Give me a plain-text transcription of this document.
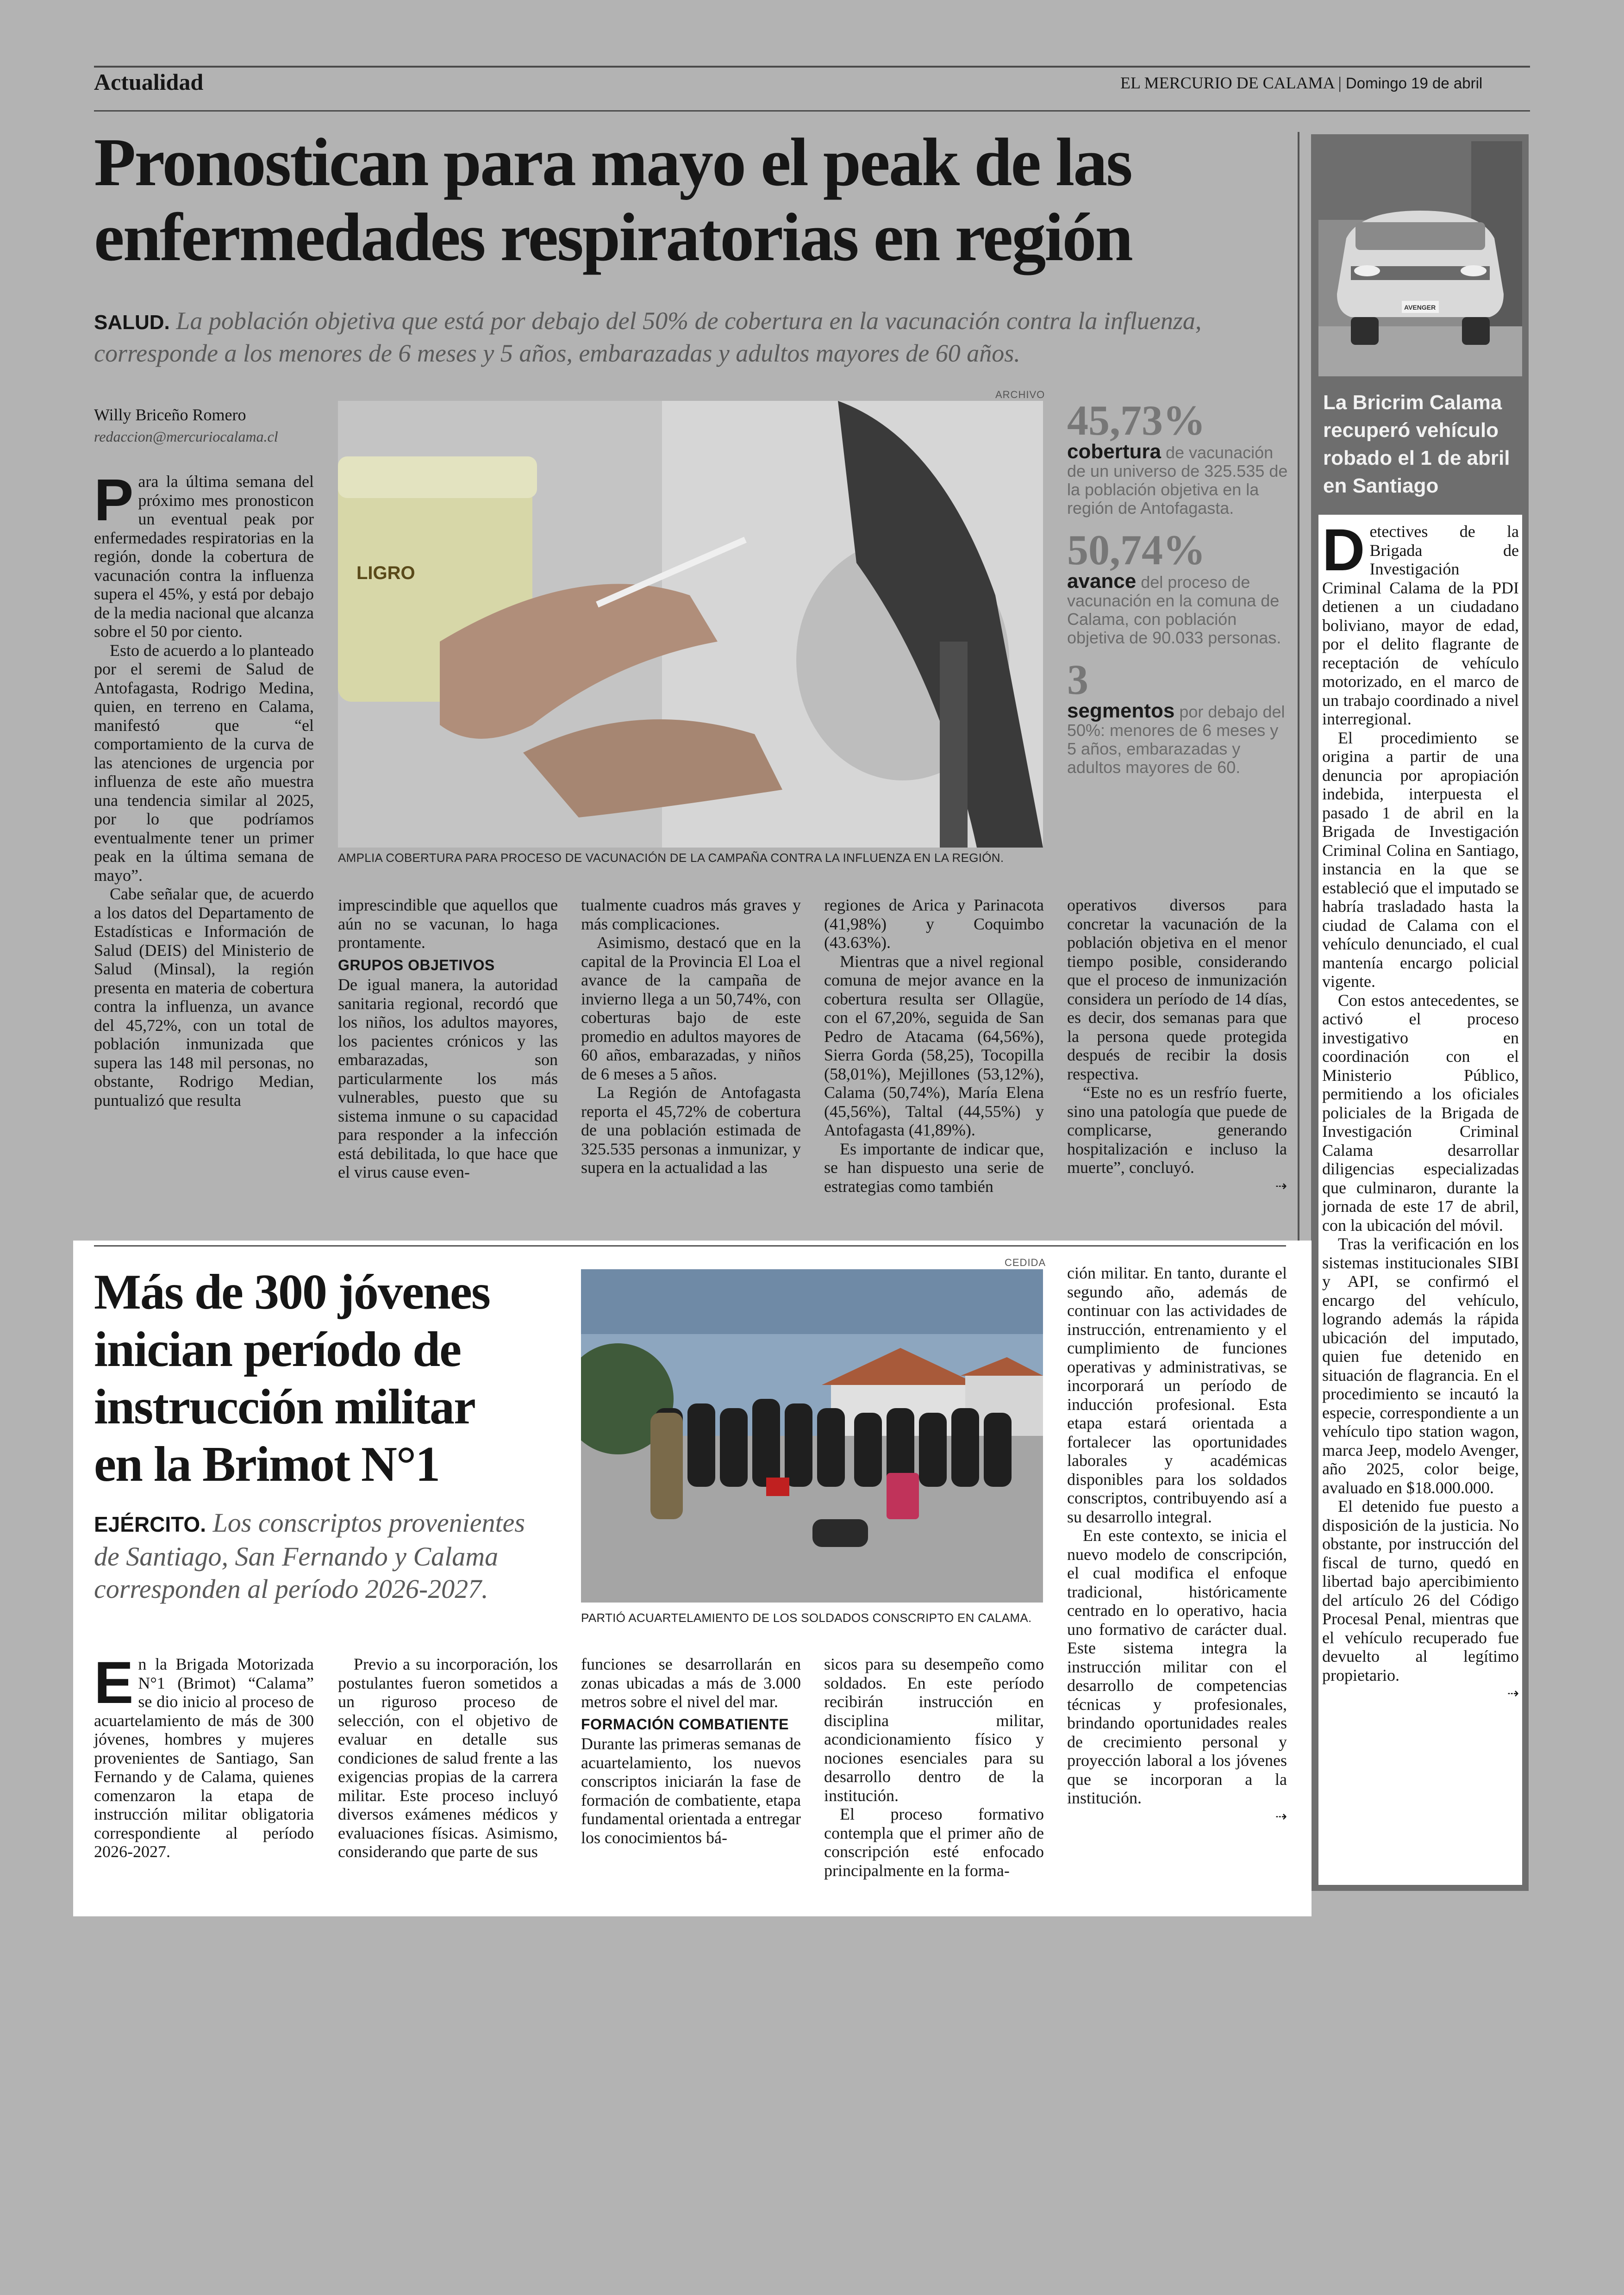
Actualidad	EL MERCURIO DE CALAMA | Domingo 19 de abril
Pronostican para mayo el peak de las
enfermedades respiratorias en región
SALUD. La población objetiva que está por debajo del 50% de cobertura en la vacunación contra la influenza, corresponde a los menores de 6 meses y 5 años, embarazadas y adultos mayores de 60 años.
Willy Briceño Romero
redaccion@mercuriocalama.cl
ARCHIVO
LIGRO
AMPLIA COBERTURA PARA PROCESO DE VACUNACIÓN DE LA CAMPAÑA CONTRA LA INFLUENZA EN LA REGIÓN.
45,73%
cobertura de vacunación de un universo de 325.535 de la población objetiva en la región de Antofagasta.
50,74%
avance del proceso de vacunación en la comuna de Calama, con población objetiva de 90.033 personas.
3
segmentos por debajo del 50%: menores de 6 meses y 5 años, embarazadas y adultos mayores de 60.
P ara la última semana del próximo mes pronosticon un eventual peak por enfermedades respiratorias en la región, donde la cobertura de vacunación contra la influenza supera el 45%, y está por debajo de la media nacional que alcanza sobre el 50 por ciento.

Esto de acuerdo a lo planteado por el seremi de Salud de Antofagasta, Rodrigo Medina, quien, en terreno en Calama, manifestó que “el comportamiento de la curva de las atenciones de urgencia por influenza de este año muestra una tendencia similar al 2025, por lo que podríamos eventualmente tener un primer peak en la última semana de mayo”.

Cabe señalar que, de acuerdo a los datos del Departamento de Estadísticas e Información de Salud (DEIS) del Ministerio de Salud (Minsal), la región presenta en materia de cobertura contra la influenza, un avance del 45,72%, con un total de población inmunizada que supera las 148 mil personas, no obstante, Rodrigo Median, puntualizó que resulta

imprescindible que aquellos que aún no se vacunan, lo haga prontamente.

GRUPOS OBJETIVOS

De igual manera, la autoridad sanitaria regional, recordó que los niños, los adultos mayores, los pacientes crónicos y las embarazadas, son particularmente los más vulnerables, puesto que su sistema inmune o su capacidad para responder a la infección está debilitada, lo que hace que el virus cause even-

tualmente cuadros más graves y más complicaciones.

Asimismo, destacó que en la capital de la Provincia El Loa el avance de la campaña de invierno llega a un 50,74%, con coberturas bajo de este promedio en adultos mayores de 60 años, embarazadas, y niños de 6 meses a 5 años.

La Región de Antofagasta reporta el 45,72% de cobertura de una población estimada de 325.535 personas a inmunizar, y supera en la actualidad a las

regiones de Arica y Parinacota (41,98%) y Coquimbo (43.63%).

Mientras que a nivel regional comuna de mejor avance en la cobertura resulta ser Ollagüe, con el 67,20%, seguida de San Pedro de Atacama (64,56%), Sierra Gorda (58,25), Tocopilla (58,01%), Mejillones (53,12%), Calama (50,74%), María Elena (45,56%), Taltal (44,55%) y Antofagasta (41,89%).

Es importante de indicar que, se han dispuesto una serie de estrategias como también

operativos diversos para concretar la vacunación de la población objetiva en el menor tiempo posible, considerando que el proceso de inmunización considera un período de 14 días, es decir, dos semanas para que la persona quede protegida después de recibir la dosis respectiva.

“Este no es un resfrío fuerte, sino una patología que puede de complicarse, generando hospitalización e incluso la muerte”, concluyó.

⇢
AVENGER
La Bricrim Calama recuperó vehículo robado el 1 de abril en Santiago
D etectives de la Brigada de Investigación Criminal Calama de la PDI detienen a un ciudadano boliviano, mayor de edad, por el delito flagrante de receptación de vehículo motorizado, en el marco de un trabajo coordinado a nivel interregional.

El procedimiento se origina a partir de una denuncia por apropiación indebida, interpuesta el pasado 1 de abril en la Brigada de Investigación Criminal Colina en Santiago, instancia en la que se estableció que el imputado se habría trasladado hasta la ciudad de Calama con el vehículo denunciado, el cual mantenía encargo policial vigente.

Con estos antecedentes, se activó el proceso investigativo en coordinación con el Ministerio Público, permitiendo a los oficiales policiales de la Brigada de Investigación Criminal Calama desarrollar diligencias especializadas que culminaron, durante la jornada de este 17 de abril, con la ubicación del móvil.

Tras la verificación en los sistemas institucionales SIBI y API, se confirmó el encargo del vehículo, logrando además la rápida ubicación del imputado, quien fue detenido en situación de flagrancia. En el procedimiento se incautó la especie, correspondiente a un vehículo tipo station wagon, marca Jeep, modelo Avenger, año 2025, color beige, avaluado en $18.000.000.

El detenido fue puesto a disposición de la justicia. No obstante, por instrucción del fiscal de turno, quedó en libertad bajo apercibimiento del artículo 26 del Código Procesal Penal, mientras que el vehículo recuperado fue devuelto al legítimo propietario.

⇢
Más de 300 jóvenes
inician período de
instrucción militar
en la Brimot N°1
EJÉRCITO. Los conscriptos provenientes de Santiago, San Fernando y Calama corresponden al período 2026-2027.
CEDIDA
PARTIÓ ACUARTELAMIENTO DE LOS SOLDADOS CONSCRIPTO EN CALAMA.
E n la Brigada Motorizada N°1 (Brimot) “Calama” se dio inicio al proceso de acuartelamiento de más de 300 jóvenes, hombres y mujeres provenientes de Santiago, San Fernando y de Calama, quienes comenzaron la etapa de instrucción militar obligatoria correspondiente al período 2026-2027.

Previo a su incorporación, los postulantes fueron sometidos a un riguroso proceso de selección, con el objetivo de evaluar en detalle sus condiciones de salud frente a las exigencias propias de la carrera militar. Este proceso incluyó diversos exámenes médicos y evaluaciones físicas. Asimismo, considerando que parte de sus

funciones se desarrollarán en zonas ubicadas a más de 3.000 metros sobre el nivel del mar.

FORMACIÓN COMBATIENTE

Durante las primeras semanas de acuartelamiento, los nuevos conscriptos iniciarán la fase de formación de combatiente, etapa fundamental orientada a entregar los conocimientos bá-

sicos para su desempeño como soldados. En este período recibirán instrucción en disciplina militar, acondicionamiento físico y nociones esenciales para su desarrollo dentro de la institución.

El proceso formativo contempla que el primer año de conscripción esté enfocado principalmente en la forma-

ción militar. En tanto, durante el segundo año, además de continuar con las actividades de instrucción, entrenamiento y el cumplimiento de funciones operativas y administrativas, se incorporará un período de inducción profesional. Esta etapa estará orientada a fortalecer las oportunidades laborales y académicas disponibles para los soldados conscriptos, contribuyendo así a su desarrollo integral.

En este contexto, se inicia el nuevo modelo de conscripción, el cual modifica el enfoque tradicional, históricamente centrado en lo operativo, hacia uno formativo de carácter dual. Este sistema integra la instrucción militar con el desarrollo de competencias técnicas y profesionales, brindando oportunidades reales de crecimiento personal y proyección laboral a los jóvenes que se incorporan a la institución.

⇢
